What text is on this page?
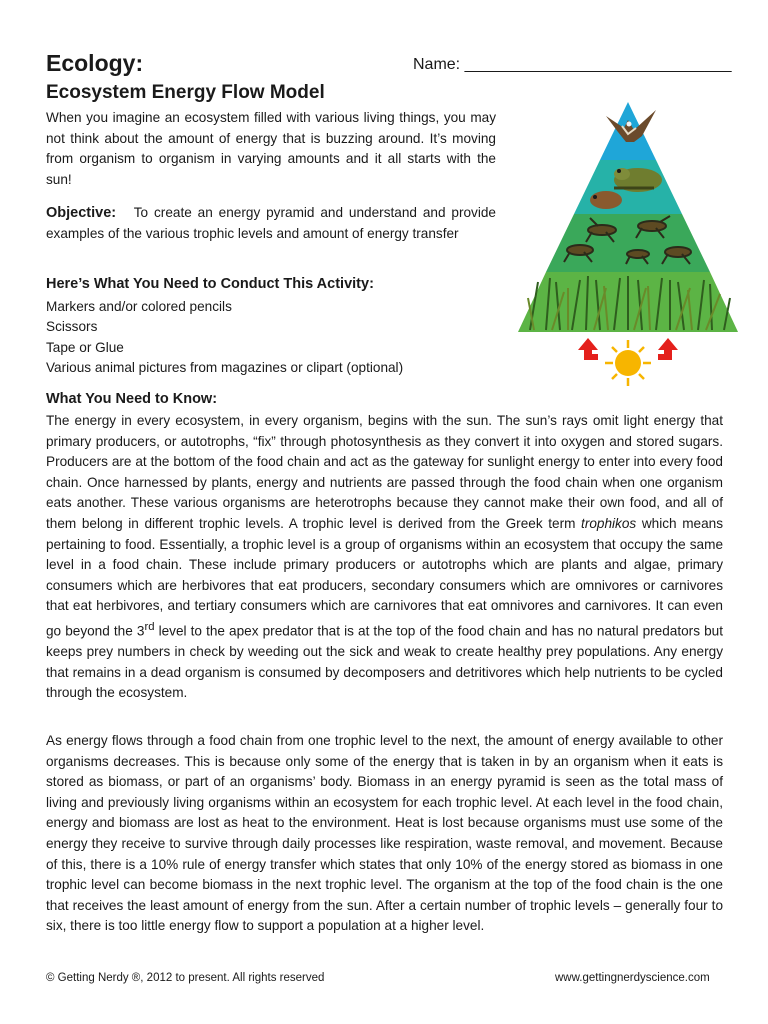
Ecology:	Name: ______________________________
Ecosystem Energy Flow Model

When you imagine an ecosystem filled with various living things, you may not think about the amount of energy that is buzzing around. It’s moving from organism to organism in varying amounts and it all starts with the sun!

Objective: To create an energy pyramid and understand and provide examples of the various trophic levels and amount of energy transfer

Here’s What You Need to Conduct This Activity:
Markers and/or colored pencils
Scissors
Tape or Glue
Various animal pictures from magazines or clipart (optional)
What You Need to Know:

The energy in every ecosystem, in every organism, begins with the sun. The sun’s rays omit light energy that primary producers, or autotrophs, “fix” through photosynthesis as they convert it into oxygen and stored sugars. Producers are at the bottom of the food chain and act as the gateway for sunlight energy to enter into every food chain. Once harnessed by plants, energy and nutrients are passed through the food chain when one organism eats another. These various organisms are heterotrophs because they cannot make their own food, and all of them belong in different trophic levels. A trophic level is derived from the Greek term trophikos which means pertaining to food. Essentially, a trophic level is a group of organisms within an ecosystem that occupy the same level in a food chain. These include primary producers or autotrophs which are plants and algae, primary consumers which are herbivores that eat producers, secondary consumers which are omnivores or carnivores that eat herbivores, and tertiary consumers which are carnivores that eat omnivores and carnivores. It can even go beyond the 3rd level to the apex predator that is at the top of the food chain and has no natural predators but keeps prey numbers in check by weeding out the sick and weak to create healthy prey populations. Any energy that remains in a dead organism is consumed by decomposers and detritivores which help nutrients to be cycled through the ecosystem.

As energy flows through a food chain from one trophic level to the next, the amount of energy available to other organisms decreases. This is because only some of the energy that is taken in by an organism when it eats is stored as biomass, or part of an organisms’ body. Biomass in an energy pyramid is seen as the total mass of living and previously living organisms within an ecosystem for each trophic level. At each level in the food chain, energy and biomass are lost as heat to the environment. Heat is lost because organisms must use some of the energy they receive to survive through daily processes like respiration, waste removal, and movement. Because of this, there is a 10% rule of energy transfer which states that only 10% of the energy stored as biomass in one trophic level can become biomass in the next trophic level. The organism at the top of the food chain is the one that receives the least amount of energy from the sun. After a certain number of trophic levels – generally four to six, there is too little energy flow to support a population at a higher level.

© Getting Nerdy ®, 2012 to present. All rights reserved	www.gettingnerdyscience.com
